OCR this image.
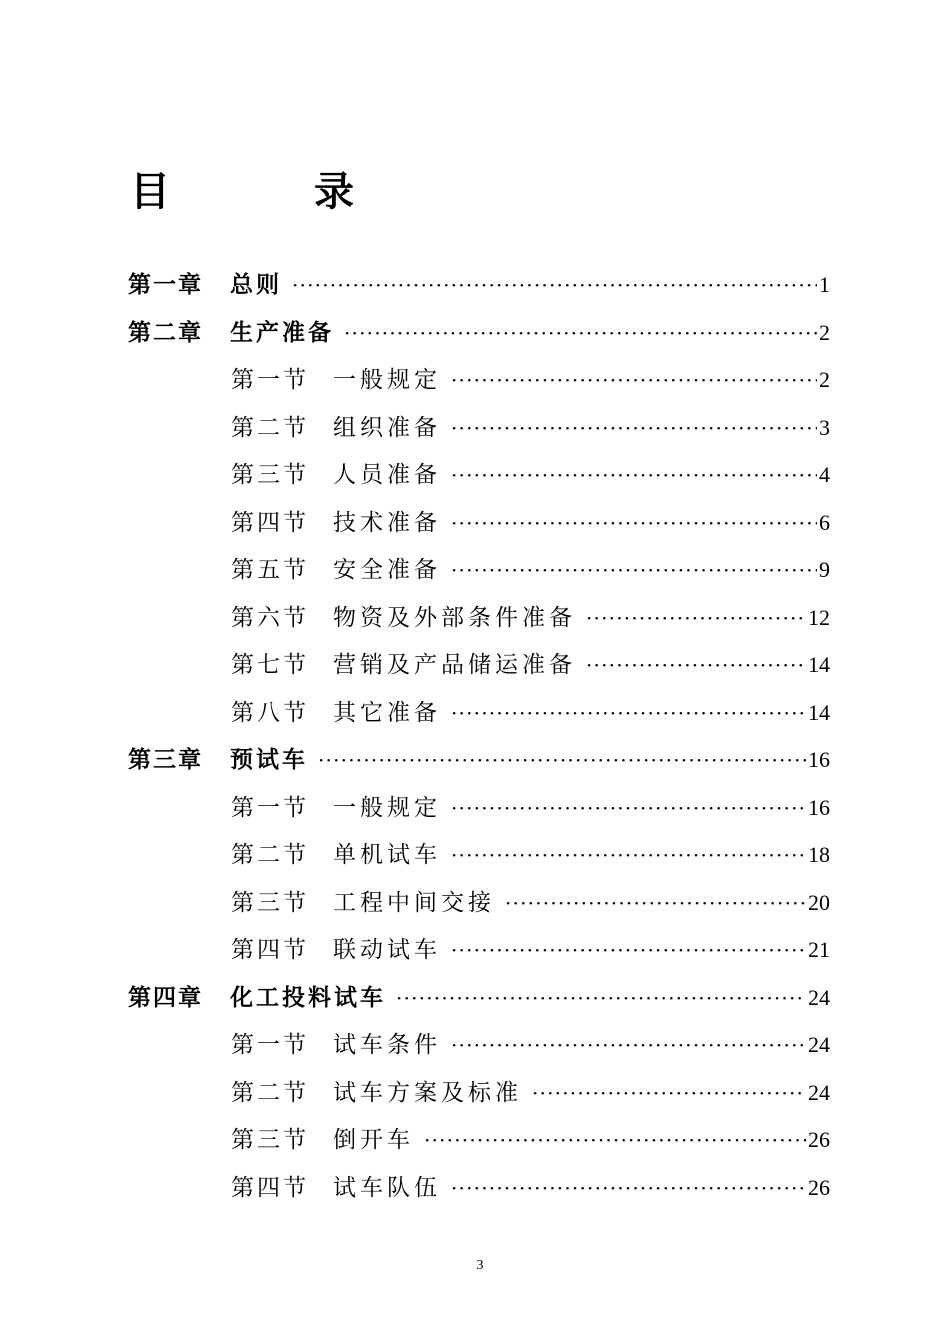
目　录
第一章	总则 ·····	1
第二章	生产准备 ·····	2
第一节	一般规定 ·····	2
第二节	组织准备 ·····	3
第三节	人员准备 ·····	4
第四节	技术准备 ·····	6
第五节	安全准备 ·····	9
第六节	物资及外部条件准备 ·····	12
第七节	营销及产品储运准备 ·····	14
第八节	其它准备 ·····	14
第三章	预试车 ·····	16
第一节	一般规定 ·····	16
第二节	单机试车 ·····	18
第三节	工程中间交接 ·····	20
第四节	联动试车 ·····	21
第四章	化工投料试车 ·····	24
第一节	试车条件 ·····	24
第二节	试车方案及标准 ·····	24
第三节	倒开车 ·····	26
第四节	试车队伍 ·····	26
3
